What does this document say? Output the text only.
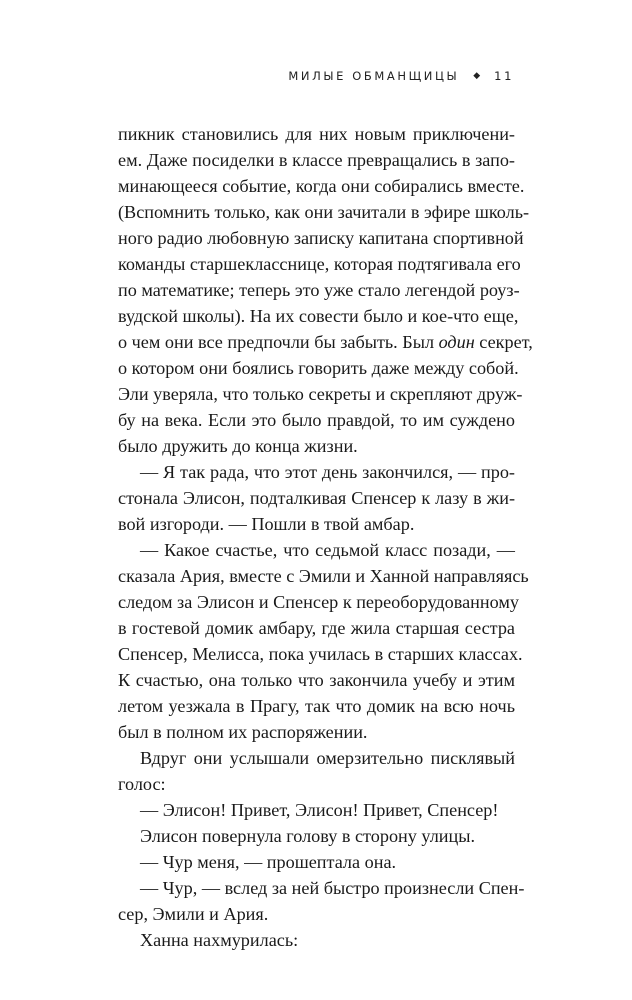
МИЛЫЕ ОБМАНЩИЦЫ ◆ 11

пикник становились для них новым приключени-
ем. Даже посиделки в классе превращались в запо-
минающееся событие, когда они собирались вместе.
(Вспомнить только, как они зачитали в эфире школь-
ного радио любовную записку капитана спортивной
команды старшекласснице, которая подтягивала его
по математике; теперь это уже стало легендой роуз-
вудской школы). На их совести было и кое-что еще,
о чем они все предпочли бы забыть. Был один секрет,
о котором они боялись говорить даже между собой.
Эли уверяла, что только секреты и скрепляют друж-
бу на века. Если это было правдой, то им суждено
было дружить до конца жизни.

— Я так рада, что этот день закончился, — про-
стонала Элисон, подталкивая Спенсер к лазу в жи-
вой изгороди. — Пошли в твой амбар.

— Какое счастье, что седьмой класс позади, —
сказала Ария, вместе с Эмили и Ханной направляясь
следом за Элисон и Спенсер к переоборудованному
в гостевой домик амбару, где жила старшая сестра
Спенсер, Мелисса, пока училась в старших классах.
К счастью, она только что закончила учебу и этим
летом уезжала в Прагу, так что домик на всю ночь
был в полном их распоряжении.

Вдруг они услышали омерзительно писклявый
голос:

— Элисон! Привет, Элисон! Привет, Спенсер!

Элисон повернула голову в сторону улицы.

— Чур меня, — прошептала она.

— Чур, — вслед за ней быстро произнесли Спен-
сер, Эмили и Ария.

Ханна нахмурилась:
